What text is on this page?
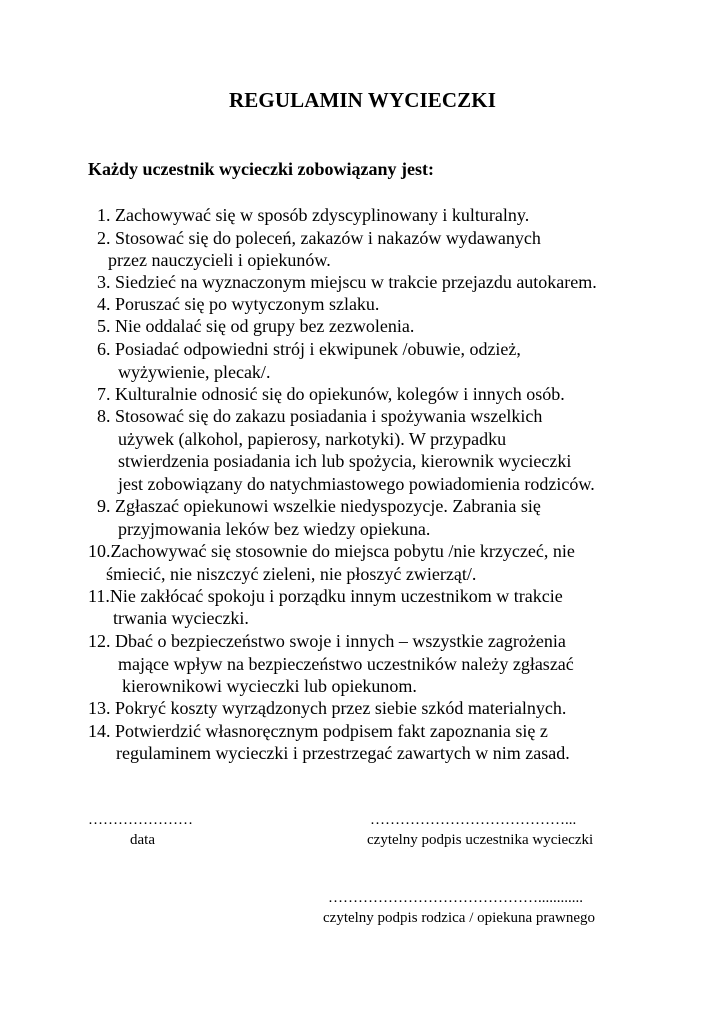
REGULAMIN WYCIECZKI
Każdy uczestnik wycieczki zobowiązany jest:
1. Zachowywać się w sposób zdyscyplinowany i kulturalny.
2. Stosować się do poleceń, zakazów i nakazów wydawanych
przez nauczycieli i opiekunów.
3. Siedzieć na wyznaczonym miejscu w trakcie przejazdu autokarem.
4. Poruszać się po wytyczonym szlaku.
5. Nie oddalać się od grupy bez zezwolenia.
6. Posiadać odpowiedni strój i ekwipunek /obuwie, odzież,
wyżywienie, plecak/.
7. Kulturalnie odnosić się do opiekunów, kolegów i innych osób.
8. Stosować się do zakazu posiadania i spożywania wszelkich
używek (alkohol, papierosy, narkotyki). W przypadku
stwierdzenia posiadania ich lub spożycia, kierownik wycieczki
jest zobowiązany do natychmiastowego powiadomienia rodziców.
9. Zgłaszać opiekunowi wszelkie niedyspozycje. Zabrania się
przyjmowania leków bez wiedzy opiekuna.
10.Zachowywać się stosownie do miejsca pobytu /nie krzyczeć, nie
śmiecić, nie niszczyć zieleni, nie płoszyć zwierząt/.
11.Nie zakłócać spokoju i porządku innym uczestnikom w trakcie
trwania wycieczki.
12. Dbać o bezpieczeństwo swoje i innych – wszystkie zagrożenia
mające wpływ na bezpieczeństwo uczestników należy zgłaszać
kierownikowi wycieczki lub opiekunom.
13. Pokryć koszty wyrządzonych przez siebie szkód materialnych.
14. Potwierdzić własnoręcznym podpisem fakt zapoznania się z
regulaminem wycieczki i przestrzegać zawartych w nim zasad.
…………………
data
…………………………………...
czytelny podpis uczestnika wycieczki
……………………………………............
czytelny podpis rodzica / opiekuna prawnego
